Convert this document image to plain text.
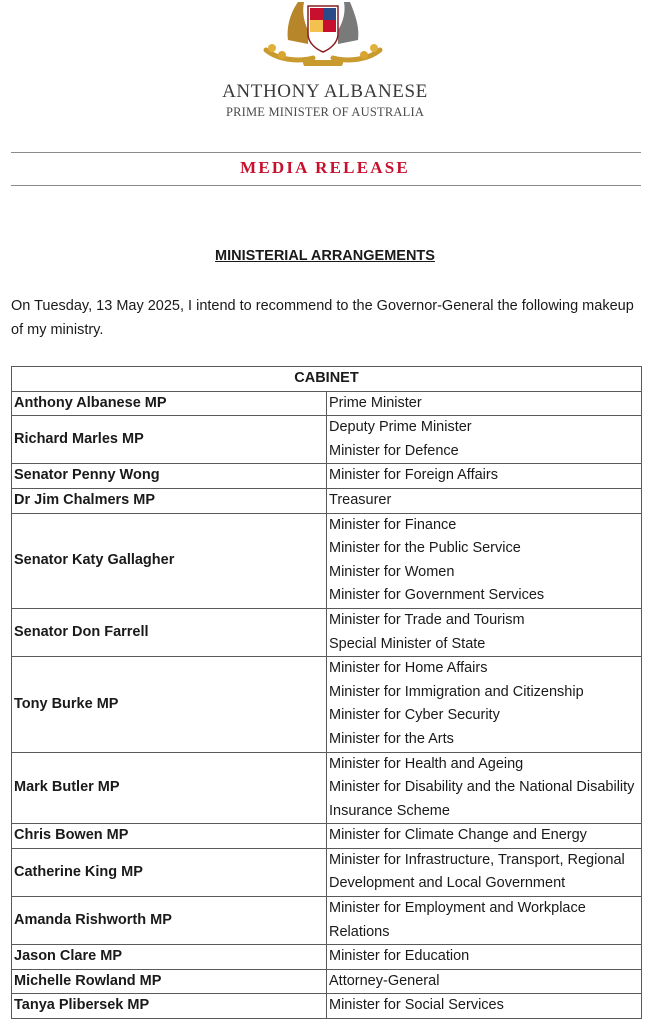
ANTHONY ALBANESE
PRIME MINISTER OF AUSTRALIA
MEDIA RELEASE
MINISTERIAL ARRANGEMENTS
On Tuesday, 13 May 2025, I intend to recommend to the Governor-General the following makeup of my ministry.
CABINET	
Anthony Albanese MP	Prime Minister

Richard Marles MP	Deputy Prime Minister
Minister for Defence

Senator Penny Wong	Minister for Foreign Affairs

Dr Jim Chalmers MP	Treasurer

Senator Katy Gallagher	Minister for Finance
Minister for the Public Service
Minister for Women
Minister for Government Services

Senator Don Farrell	Minister for Trade and Tourism
Special Minister of State

Tony Burke MP	Minister for Home Affairs
Minister for Immigration and Citizenship
Minister for Cyber Security
Minister for the Arts

Mark Butler MP	Minister for Health and Ageing
Minister for Disability and the National Disability Insurance Scheme

Chris Bowen MP	Minister for Climate Change and Energy

Catherine King MP	Minister for Infrastructure, Transport, Regional Development and Local Government

Amanda Rishworth MP	Minister for Employment and Workplace Relations

Jason Clare MP	Minister for Education

Michelle Rowland MP	Attorney-General

Tanya Plibersek MP	Minister for Social Services
